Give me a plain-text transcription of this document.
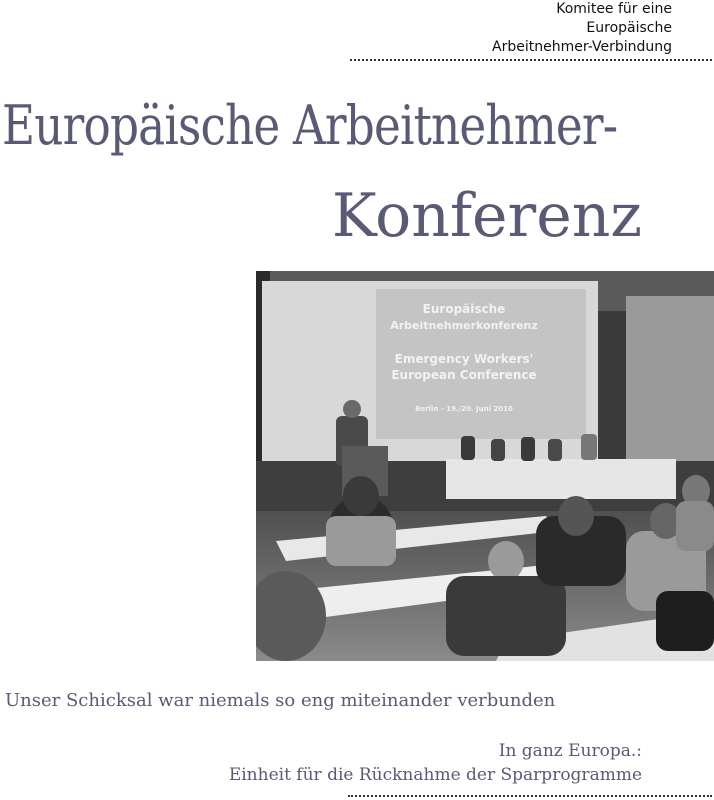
Komitee für eine
Europäische
Arbeitnehmer-Verbindung
Europäische Arbeitnehmer-
Konferenz
Europäische
Arbeitnehmerkonferenz
Emergency Workers'
European Conference
Berlin - 19./20. Juni 2010
Unser Schicksal war niemals so eng miteinander verbunden
In ganz Europa.:
Einheit für die Rücknahme der Sparprogramme
